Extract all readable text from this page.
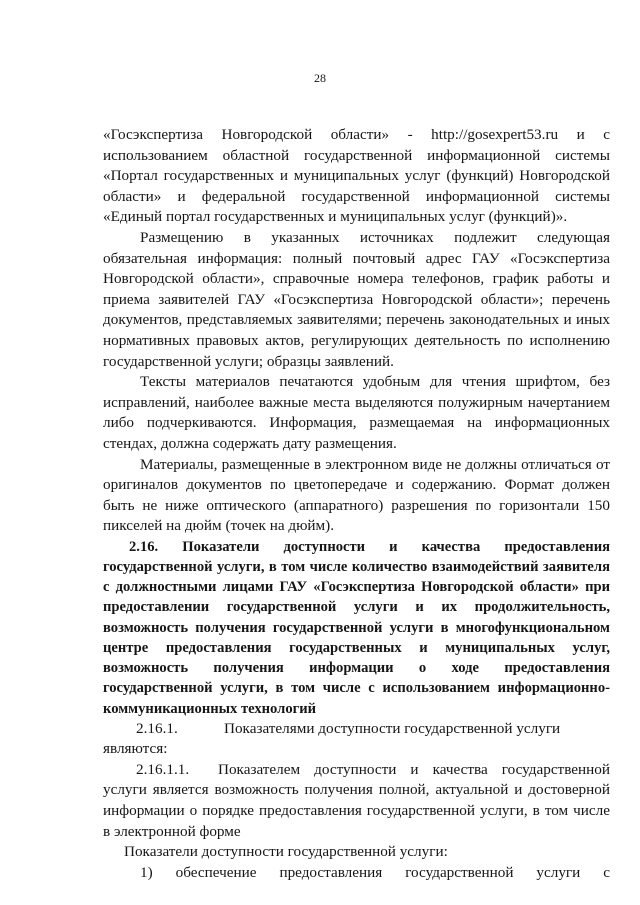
28

«Госэкспертиза Новгородской области» - http://gosexpert53.ru и с использованием областной государственной информационной системы «Портал государственных и муниципальных услуг (функций) Новгородской области» и федеральной государственной информационной системы «Единый портал государственных и муниципальных услуг (функций)».

Размещению в указанных источниках подлежит следующая обязательная информация: полный почтовый адрес ГАУ «Госэкспертиза Новгородской области», справочные номера телефонов, график работы и приема заявителей ГАУ «Госэкспертиза Новгородской области»; перечень документов, представляемых заявителями; перечень законодательных и иных нормативных правовых актов, регулирующих деятельность по исполнению государственной услуги; образцы заявлений.

Тексты материалов печатаются удобным для чтения шрифтом, без исправлений, наиболее важные места выделяются полужирным начертанием либо подчеркиваются. Информация, размещаемая на информационных стендах, должна содержать дату размещения.

Материалы, размещенные в электронном виде не должны отличаться от оригиналов документов по цветопередаче и содержанию. Формат должен быть не ниже оптического (аппаратного) разрешения по горизонтали 150 пикселей на дюйм (точек на дюйм).

2.16. Показатели доступности и качества предоставления государственной услуги, в том числе количество взаимодействий заявителя с должностными лицами ГАУ «Госэкспертиза Новгородской области» при предоставлении государственной услуги и их продолжительность, возможность получения государственной услуги в многофункциональном центре предоставления государственных и муниципальных услуг, возможность получения информации о ходе предоставления государственной услуги, в том числе с использованием информационно-коммуникационных технологий

2.16.1.	Показателями доступности государственной услуги являются:

2.16.1.1. Показателем доступности и качества государственной услуги является возможность получения полной, актуальной и достоверной информации о порядке предоставления государственной услуги, в том числе в электронной форме

Показатели доступности государственной услуги:

1) обеспечение предоставления государственной услуги с
